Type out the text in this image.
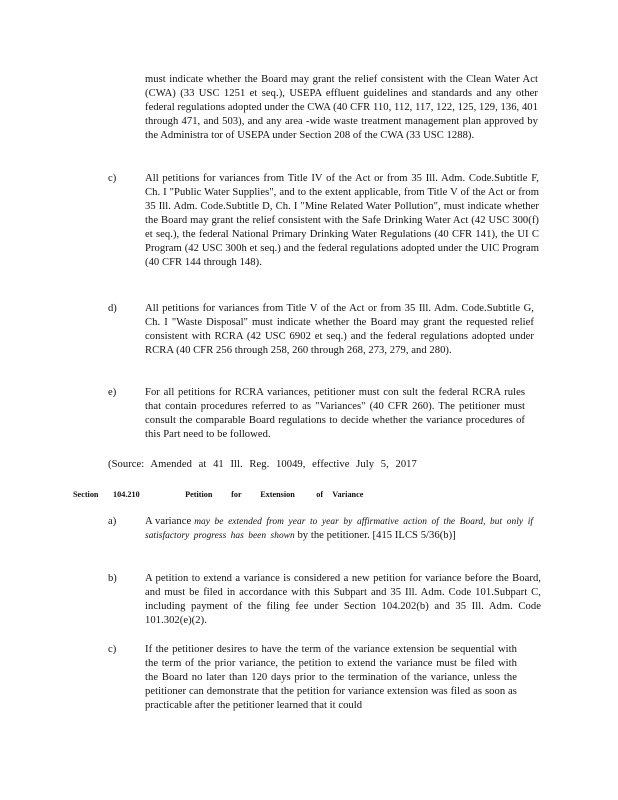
must indicate whether the Board may grant the relief consistent with the Clean Water Act (CWA) (33 USC 1251 et seq.), USEPA effluent guidelines and standards and any other federal regulations adopted under the CWA (40 CFR 110, 112, 117, 122, 125, 129, 136, 401 through 471, and 503), and any area -wide waste treatment management plan approved by the Administra tor of USEPA under Section 208 of the CWA (33 USC 1288).
c)	All petitions for variances from Title IV of the Act or from 35 Ill. Adm. Code.Subtitle F, Ch. I "Public Water Supplies", and to the extent applicable, from Title V of the Act or from 35 Ill. Adm. Code.Subtitle D, Ch. I "Mine Related Water Pollution", must indicate whether the Board may grant the relief consistent with the Safe Drinking Water Act (42 USC 300(f) et seq.), the federal National Primary Drinking Water Regulations (40 CFR 141), the UI C Program (42 USC 300h et seq.) and the federal regulations adopted under the UIC Program (40 CFR 144 through 148).
d)	All petitions for variances from Title V of the Act or from 35 Ill. Adm. Code.Subtitle G, Ch. I "Waste Disposal" must indicate whether the Board may grant the requested relief consistent with RCRA (42 USC 6902 et seq.) and the federal regulations adopted under RCRA (40 CFR 256 through 258, 260 through 268, 273, 279, and 280).
e)	For all petitions for RCRA variances, petitioner must con sult the federal RCRA rules that contain procedures referred to as "Variances" (40 CFR 260). The petitioner must consult the comparable Board regulations to decide whether the variance procedures of this Part need to be followed.
(Source: Amended at 41 Ill. Reg. 10049, effective July 5, 2017
Section 104.210	Petition for Extension	of Variance
a)	A variance may be extended from year to year by affirmative action of the Board, but only if satisfactory progress has been shown by the petitioner. [415 ILCS 5/36(b)]
b)	A petition to extend a variance is considered a new petition for variance before the Board, and must be filed in accordance with this Subpart and 35 Ill. Adm. Code 101.Subpart C, including payment of the filing fee under Section 104.202(b) and 35 Ill. Adm. Code 101.302(e)(2).
c)	If the petitioner desires to have the term of the variance extension be sequential with the term of the prior variance, the petition to extend the variance must be filed with the Board no later than 120 days prior to the termination of the variance, unless the petitioner can demonstrate that the petition for variance extension was filed as soon as practicable after the petitioner learned that it could
